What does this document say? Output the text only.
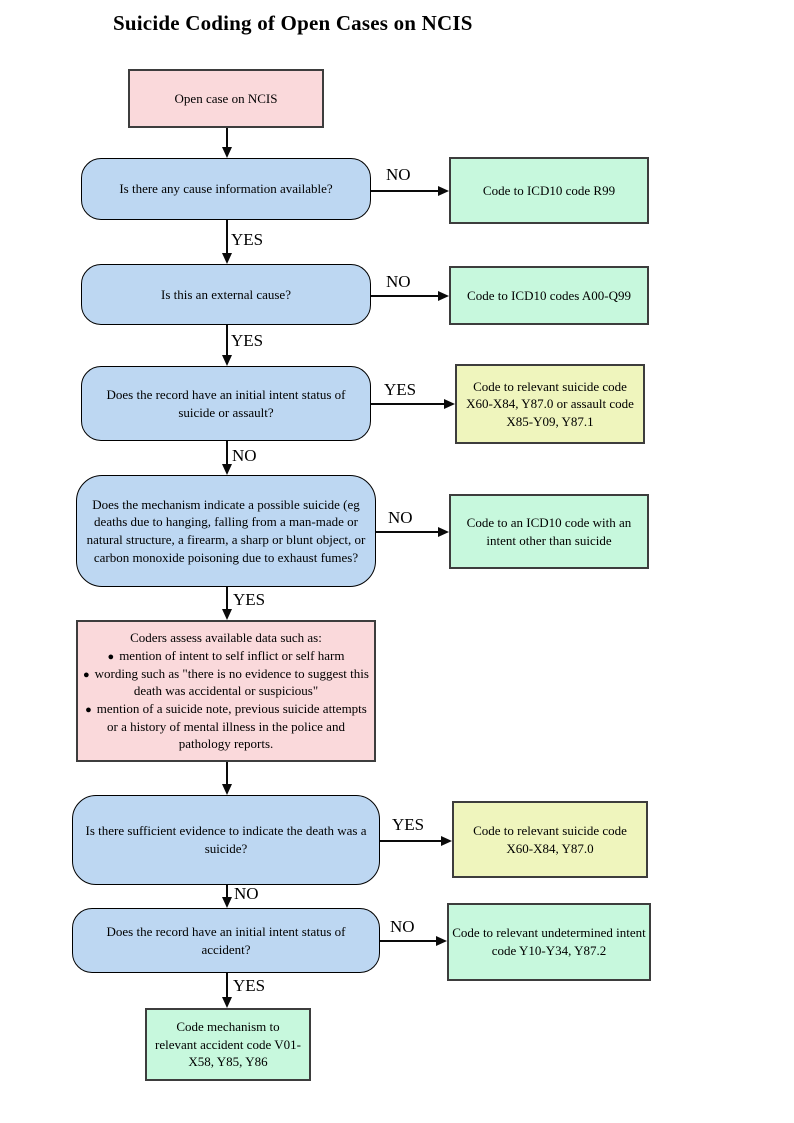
Suicide Coding of Open Cases on NCIS
Open case on NCIS
Is there any cause information available?	Code to ICD10 code R99
Is this an external cause?	Code to ICD10 codes A00-Q99
Does the record have an initial intent status of suicide or assault?
Code to relevant suicide code X60-X84, Y87.0 or assault code X85-Y09, Y87.1
Does the mechanism indicate a possible suicide (eg deaths due to hanging, falling from a man-made or natural structure, a firearm, a sharp or blunt object, or carbon monoxide poisoning due to exhaust fumes?
Code to an ICD10 code with an intent other than suicide
Coders assess available data such as:
● mention of intent to self inflict or self harm
● wording such as "there is no evidence to suggest this death was accidental or suspicious"
● mention of a suicide note, previous suicide attempts or a history of mental illness in the police and pathology reports.
Is there sufficient evidence to indicate the death was a suicide?
Code to relevant suicide code X60-X84, Y87.0
Does the record have an initial intent status of accident?
Code to relevant undetermined intent code Y10-Y34, Y87.2
Code mechanism to relevant accident code V01-X58, Y85, Y86
NO
YES
NO
YES
YES
NO
NO
YES
YES
NO
NO
YES
